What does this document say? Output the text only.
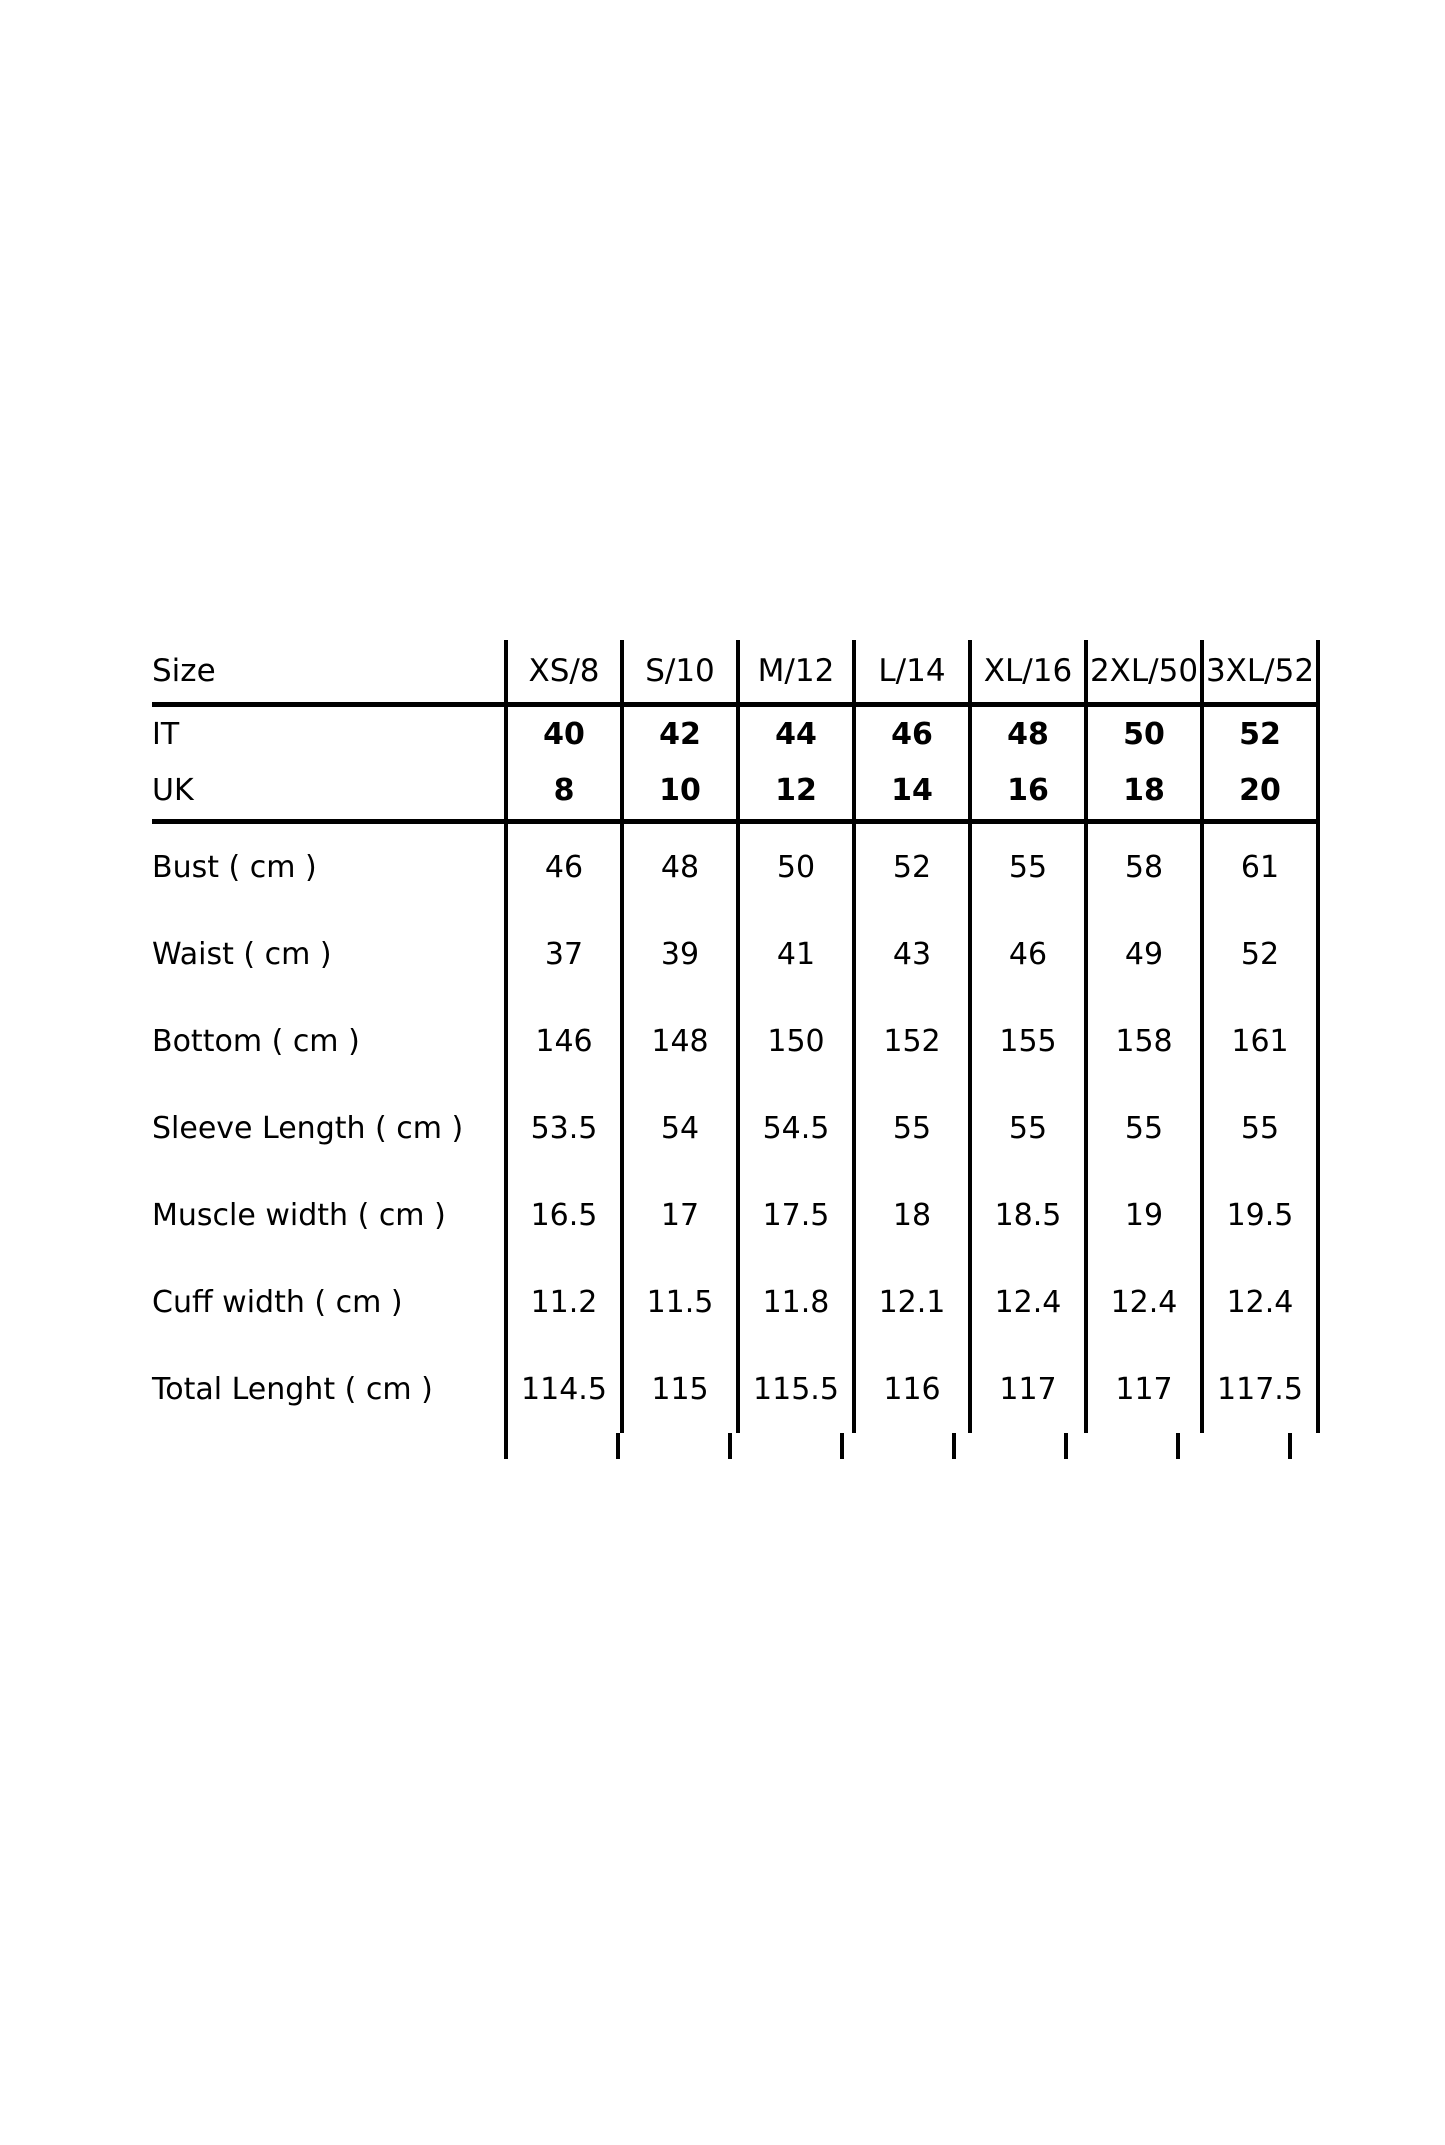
Size	XS/8	S/10	M/12	L/14	XL/16	2XL/50	3XL/52
IT	40	42	44	46	48	50	52
UK	8	10	12	14	16	18	20
Bust ( cm )	46	48	50	52	55	58	61
Waist ( cm )	37	39	41	43	46	49	52
Bottom ( cm )	146	148	150	152	155	158	161
Sleeve Length ( cm )	53.5	54	54.5	55	55	55	55
Muscle width ( cm )	16.5	17	17.5	18	18.5	19	19.5
Cuff width ( cm )	11.2	11.5	11.8	12.1	12.4	12.4	12.4
Total Lenght ( cm )	114.5	115	115.5	116	117	117	117.5
